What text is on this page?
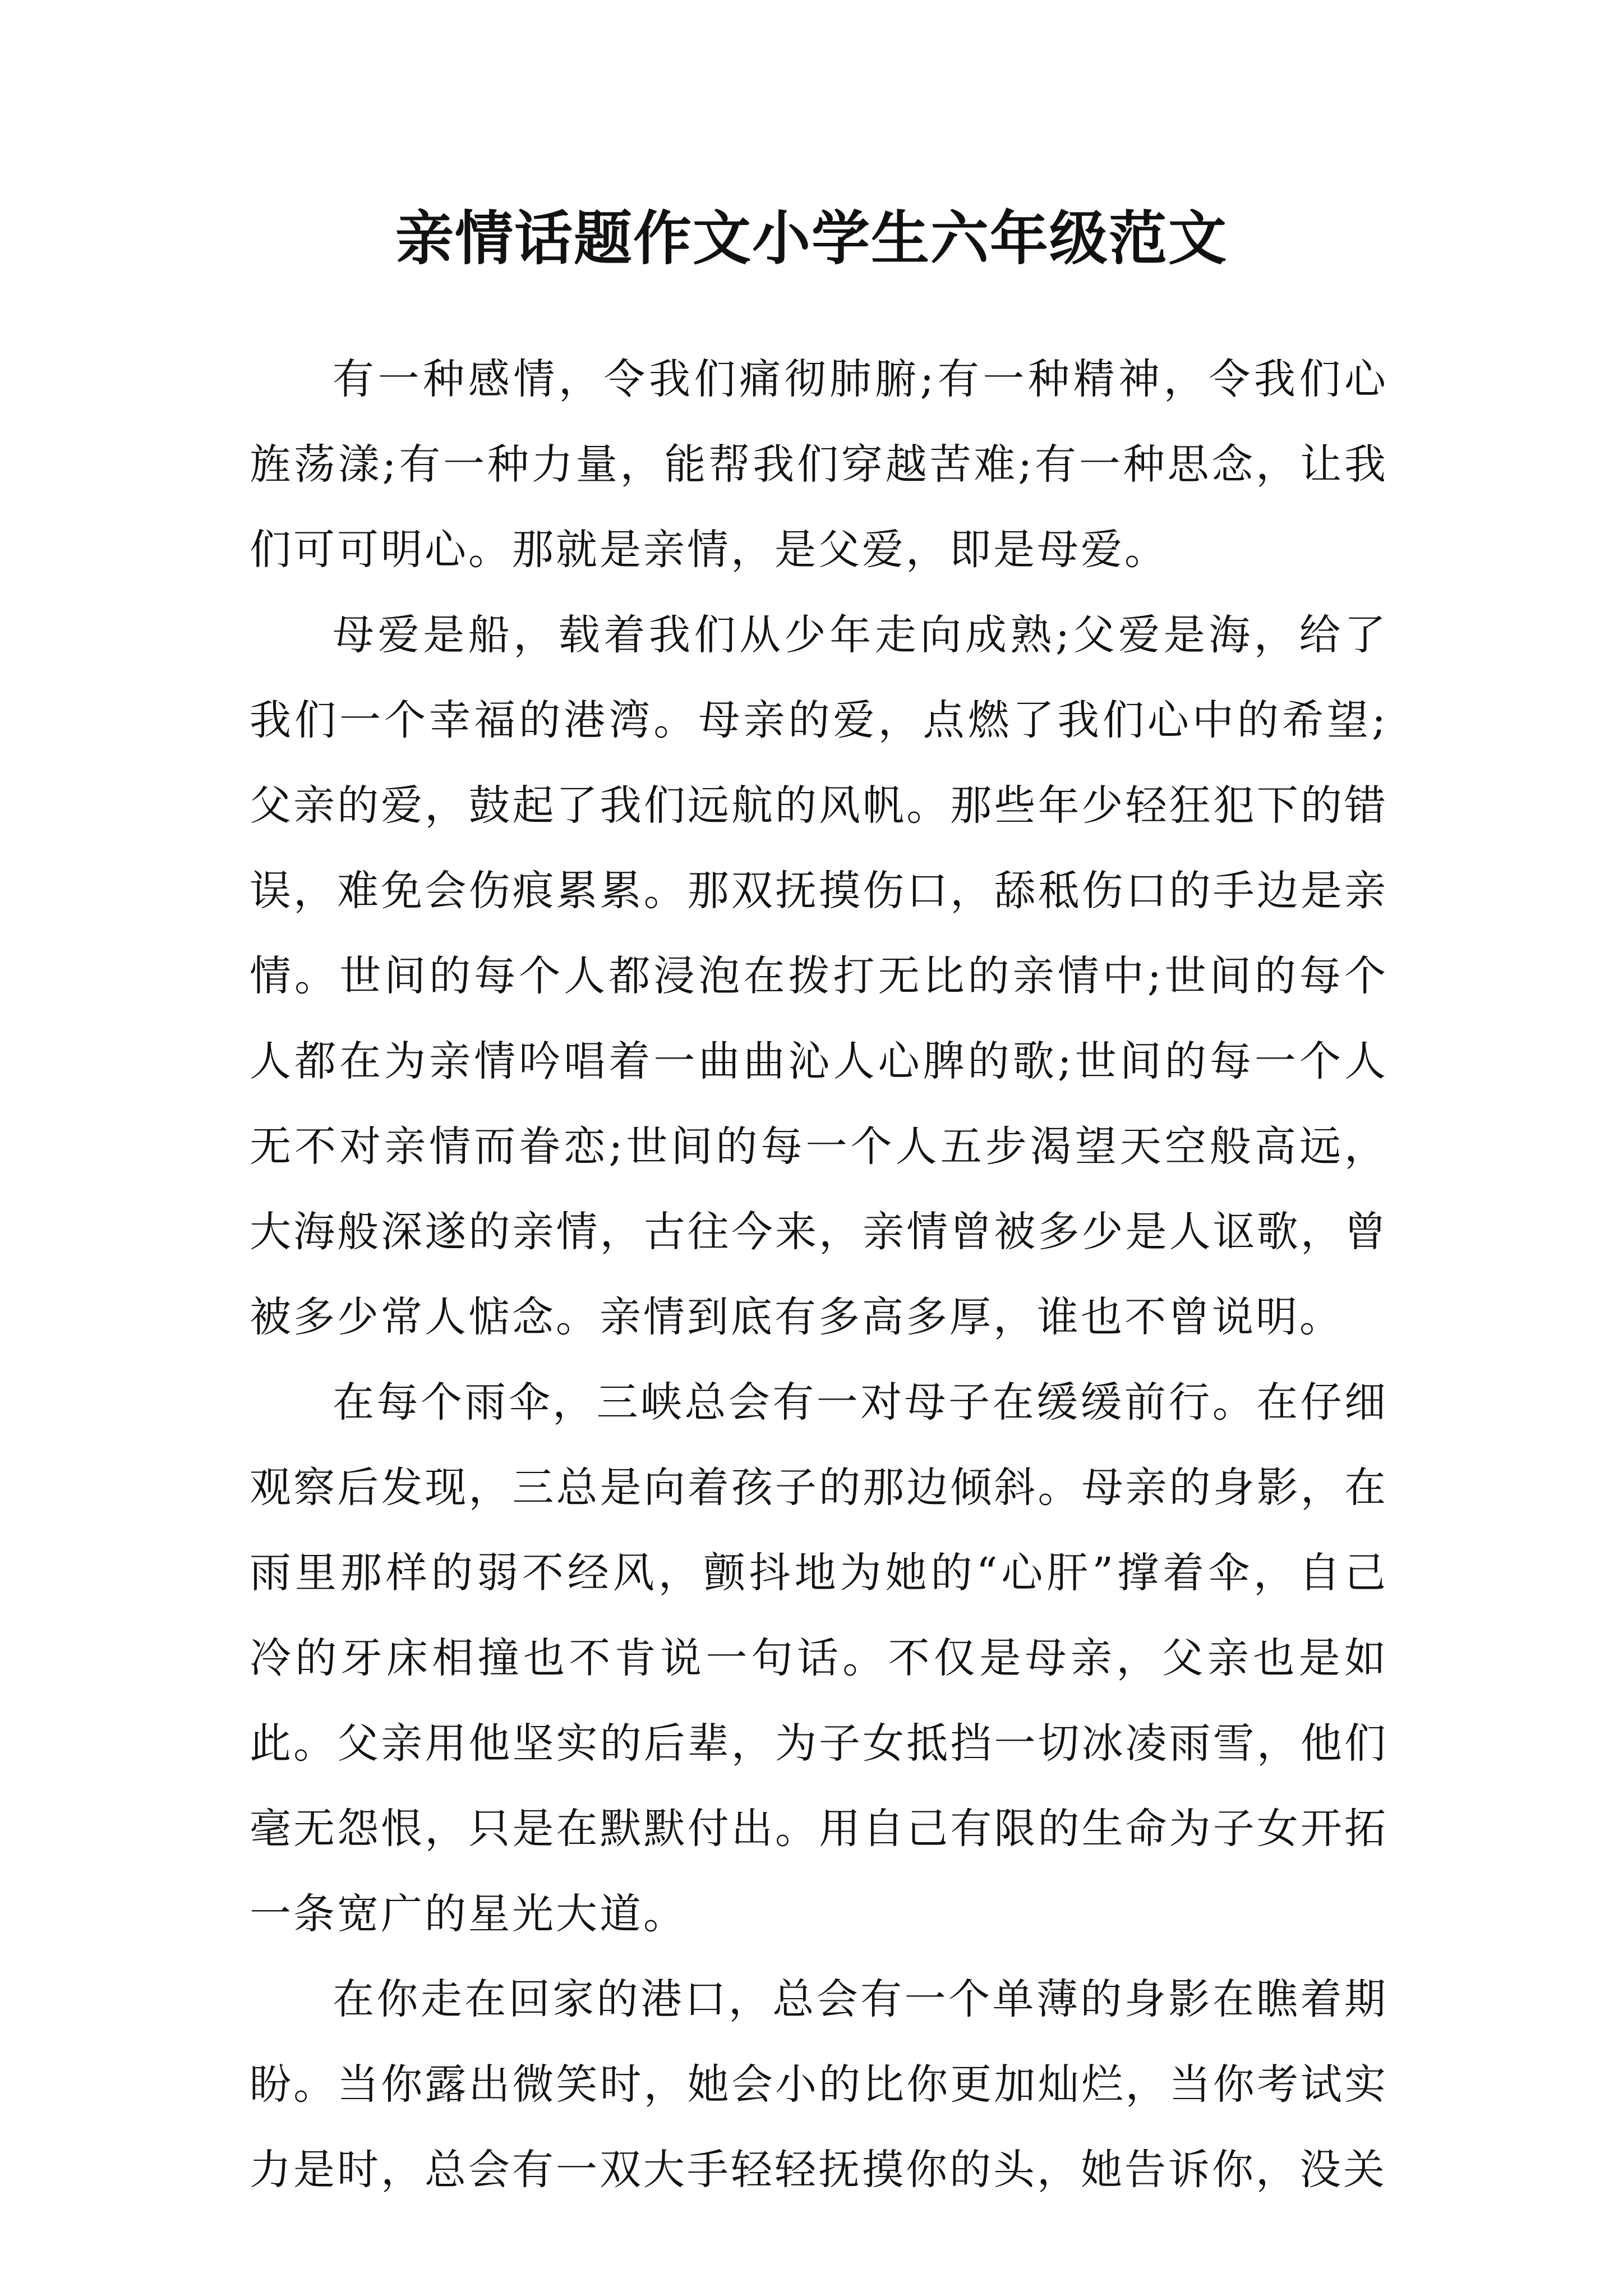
亲情话题作文小学生六年级范文

有一种感情，令我们痛彻肺腑;有一种精神，令我们心旌荡漾;有一种力量，能帮我们穿越苦难;有一种思念，让我们可可明心。那就是亲情，是父爱，即是母爱。

母爱是船，载着我们从少年走向成熟;父爱是海，给了我们一个幸福的港湾。母亲的爱，点燃了我们心中的希望;父亲的爱，鼓起了我们远航的风帆。那些年少轻狂犯下的错误，难免会伤痕累累。那双抚摸伤口，舔秪伤口的手边是亲情。世间的每个人都浸泡在拨打无比的亲情中;世间的每个人都在为亲情吟唱着一曲曲沁人心脾的歌;世间的每一个人无不对亲情而眷恋;世间的每一个人五步渴望天空般高远，大海般深遂的亲情，古往今来，亲情曾被多少是人讴歌，曾被多少常人惦念。亲情到底有多高多厚，谁也不曾说明。

在每个雨伞，三峡总会有一对母子在缓缓前行。在仔细观察后发现，三总是向着孩子的那边倾斜。母亲的身影，在雨里那样的弱不经风，颤抖地为她的“心肝”撑着伞，自己冷的牙床相撞也不肯说一句话。不仅是母亲，父亲也是如此。父亲用他坚实的后辈，为子女抵挡一切冰凌雨雪，他们毫无怨恨，只是在默默付出。用自己有限的生命为子女开拓一条宽广的星光大道。

在你走在回家的港口，总会有一个单薄的身影在瞧着期盼。当你露出微笑时，她会小的比你更加灿烂，当你考试实力是时，总会有一双大手轻轻抚摸你的头，她告诉你，没关
